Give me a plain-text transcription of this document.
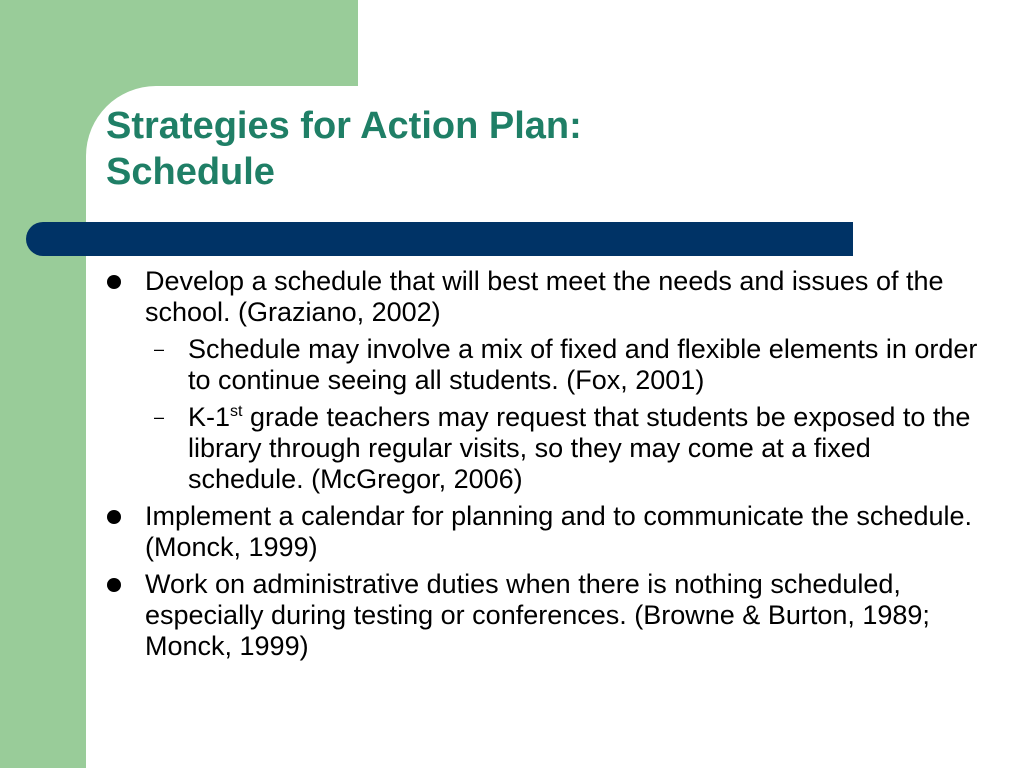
Strategies for Action Plan:
Schedule
Develop a schedule that will best meet the needs and issues of the school. (Graziano, 2002)
– Schedule may involve a mix of fixed and flexible elements in order to continue seeing all students. (Fox, 2001)
– K-1st grade teachers may request that students be exposed to the library through regular visits, so they may come at a fixed schedule. (McGregor, 2006)
Implement a calendar for planning and to communicate the schedule. (Monck, 1999)
Work on administrative duties when there is nothing scheduled, especially during testing or conferences. (Browne & Burton, 1989; Monck, 1999)
